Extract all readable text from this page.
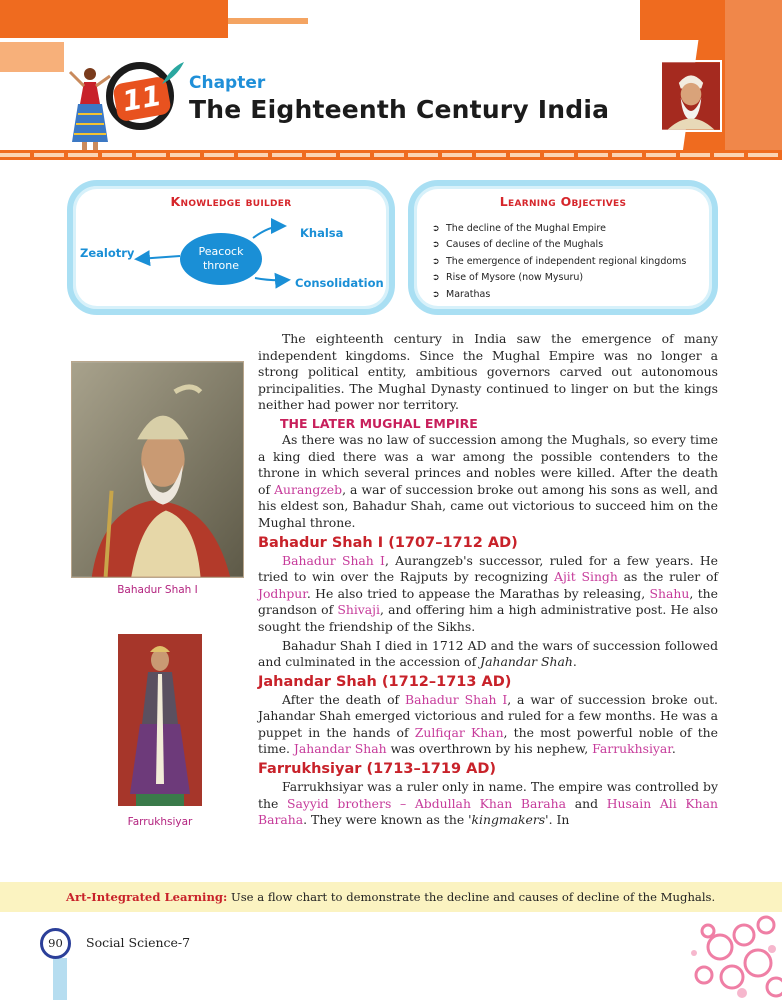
11	Chapter
The Eighteenth Century India
Knowledge builder
Peacock throne
Zealotry
Khalsa
Consolidation
Learning Objectives
➲ The decline of the Mughal Empire
➲ Causes of decline of the Mughals
➲ The emergence of independent regional kingdoms
➲ Rise of Mysore (now Mysuru)
➲ Marathas
Bahadur Shah I
Farrukhsiyar

The eighteenth century in India saw the emergence of many independent kingdoms. Since the Mughal Empire was no longer a strong political entity, ambitious governors carved out autonomous principalities. The Mughal Dynasty continued to linger on but the kings neither had power nor territory.

THE LATER MUGHAL EMPIRE

As there was no law of succession among the Mughals, so every time a king died there was a war among the possible contenders to the throne in which several princes and nobles were killed. After the death of Aurangzeb, a war of succession broke out among his sons as well, and his eldest son, Bahadur Shah, came out victorious to succeed him on the Mughal throne.

Bahadur Shah I (1707–1712 AD)

Bahadur Shah I, Aurangzeb's successor, ruled for a few years. He tried to win over the Rajputs by recognizing Ajit Singh as the ruler of Jodhpur. He also tried to appease the Marathas by releasing, Shahu, the grandson of Shivaji, and offering him a high administrative post. He also sought the friendship of the Sikhs.

Bahadur Shah I died in 1712 AD and the wars of succession followed and culminated in the accession of Jahandar Shah.

Jahandar Shah (1712–1713 AD)

After the death of Bahadur Shah I, a war of succession broke out. Jahandar Shah emerged victorious and ruled for a few months. He was a puppet in the hands of Zulfiqar Khan, the most powerful noble of the time. Jahandar Shah was overthrown by his nephew, Farrukhsiyar.

Farrukhsiyar (1713–1719 AD)

Farrukhsiyar was a ruler only in name. The empire was controlled by the Sayyid brothers – Abdullah Khan Baraha and Husain Ali Khan Baraha. They were known as the 'kingmakers'. In

Art-Integrated Learning: Use a flow chart to demonstrate the decline and causes of decline of the Mughals.
90	Social Science-7
